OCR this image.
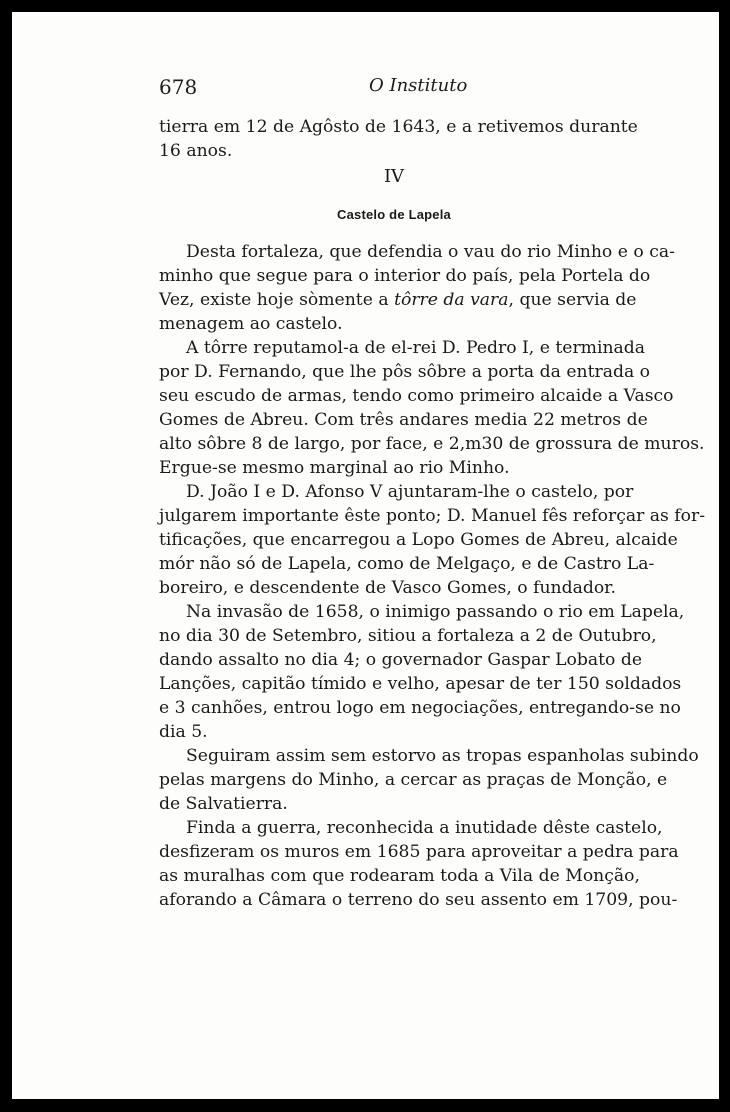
678	O Instituto
tierra em 12 de Agôsto de 1643, e a retivemos durante
16 anos.
IV
Castelo de Lapela
Desta fortaleza, que defendia o vau do rio Minho e o ca-
minho que segue para o interior do país, pela Portela do
Vez, existe hoje sòmente a tôrre da vara, que servia de
menagem ao castelo.
A tôrre reputamol-a de el-rei D. Pedro I, e terminada
por D. Fernando, que lhe pôs sôbre a porta da entrada o
seu escudo de armas, tendo como primeiro alcaide a Vasco
Gomes de Abreu. Com três andares media 22 metros de
alto sôbre 8 de largo, por face, e 2,m30 de grossura de muros.
Ergue-se mesmo marginal ao rio Minho.
D. João I e D. Afonso V ajuntaram-lhe o castelo, por
julgarem importante êste ponto; D. Manuel fês reforçar as for-
tificações, que encarregou a Lopo Gomes de Abreu, alcaide
mór não só de Lapela, como de Melgaço, e de Castro La-
boreiro, e descendente de Vasco Gomes, o fundador.
Na invasão de 1658, o inimigo passando o rio em Lapela,
no dia 30 de Setembro, sitiou a fortaleza a 2 de Outubro,
dando assalto no dia 4; o governador Gaspar Lobato de
Lanções, capitão tímido e velho, apesar de ter 150 soldados
e 3 canhões, entrou logo em negociações, entregando-se no
dia 5.
Seguiram assim sem estorvo as tropas espanholas subindo
pelas margens do Minho, a cercar as praças de Monção, e
de Salvatierra.
Finda a guerra, reconhecida a inutidade dêste castelo,
desfizeram os muros em 1685 para aproveitar a pedra para
as muralhas com que rodearam toda a Vila de Monção,
aforando a Câmara o terreno do seu assento em 1709, pou-
